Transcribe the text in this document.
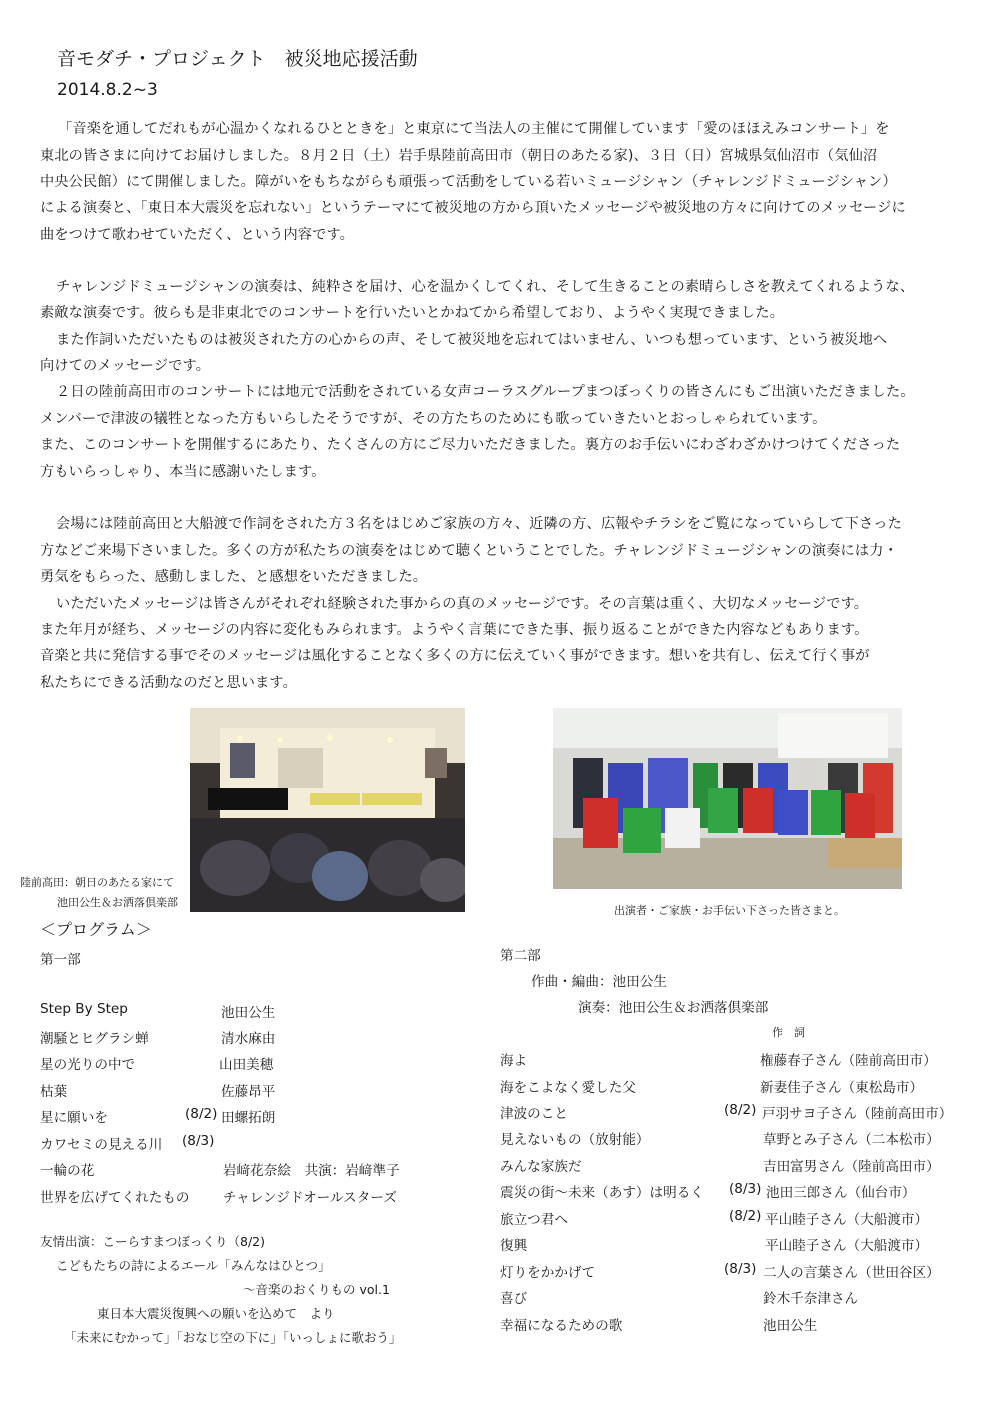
音モダチ・プロジェクト　被災地応援活動
2014.8.2~3
「音楽を通してだれもが心温かくなれるひとときを」と東京にて当法人の主催にて開催しています「愛のほほえみコンサート」を
東北の皆さまに向けてお届けしました。８月２日（土）岩手県陸前高田市（朝日のあたる家)、３日（日）宮城県気仙沼市（気仙沼
中央公民館）にて開催しました。障がいをもちながらも頑張って活動をしている若いミュージシャン（チャレンジドミュージシャン）
による演奏と、「東日本大震災を忘れない」というテーマにて被災地の方から頂いたメッセージや被災地の方々に向けてのメッセージに
曲をつけて歌わせていただく、という内容です。
チャレンジドミュージシャンの演奏は、純粋さを届け、心を温かくしてくれ、そして生きることの素晴らしさを教えてくれるような、
素敵な演奏です。彼らも是非東北でのコンサートを行いたいとかねてから希望しており、ようやく実現できました。
また作詞いただいたものは被災された方の心からの声、そして被災地を忘れてはいません、いつも想っています、という被災地へ
向けてのメッセージです。
２日の陸前高田市のコンサートには地元で活動をされている女声コーラスグループまつぼっくりの皆さんにもご出演いただきました。
メンバーで津波の犠牲となった方もいらしたそうですが、その方たちのためにも歌っていきたいとおっしゃられています。
また、このコンサートを開催するにあたり、たくさんの方にご尽力いただきました。裏方のお手伝いにわざわざかけつけてくださった
方もいらっしゃり、本当に感謝いたします。
会場には陸前高田と大船渡で作詞をされた方３名をはじめご家族の方々、近隣の方、広報やチラシをご覧になっていらして下さった
方などご来場下さいました。多くの方が私たちの演奏をはじめて聴くということでした。チャレンジドミュージシャンの演奏には力・
勇気をもらった、感動しました、と感想をいただきました。
いただいたメッセージは皆さんがそれぞれ経験された事からの真のメッセージです。その言葉は重く、大切なメッセージです。
また年月が経ち、メッセージの内容に変化もみられます。ようやく言葉にできた事、振り返ることができた内容などもあります。
音楽と共に発信する事でそのメッセージは風化することなく多くの方に伝えていく事ができます。想いを共有し、伝えて行く事が
私たちにできる活動なのだと思います。
陸前高田：朝日のあたる家にて
池田公生＆お洒落倶楽部
出演者・ご家族・お手伝い下さった皆さまと。
＜プログラム＞
第一部
Step By Step	池田公生
潮騒とヒグラシ蝉	清水麻由
星の光りの中で	山田美穂
枯葉	佐藤昂平
星に願いを	(8/2) 田螺拓朗
カワセミの見える川 (8/3)
一輪の花	岩﨑花奈絵　共演：岩﨑準子
世界を広げてくれたもの チャレンジドオールスターズ
友情出演：こーらすまつぼっくり（8/2)
こどもたちの詩によるエール「みんなはひとつ」
～音楽のおくりもの vol.1
東日本大震災復興への願いを込めて　より
「未来にむかって」「おなじ空の下に」「いっしょに歌おう」
第二部
作曲・編曲：池田公生
演奏：池田公生＆お洒落倶楽部
作　詞
海よ	権藤春子さん（陸前高田市）
海をこよなく愛した父	新妻佳子さん（東松島市）
津波のこと	(8/2) 戸羽サヨ子さん（陸前高田市）
見えないもの（放射能）	草野とみ子さん（二本松市）
みんな家族だ	吉田富男さん（陸前高田市）
震災の街～未来（あす）は明るく (8/3) 池田三郎さん（仙台市）
旅立つ君へ	(8/2) 平山睦子さん（大船渡市）
復興	平山睦子さん（大船渡市）
灯りをかかげて	(8/3) 二人の言葉さん（世田谷区）
喜び	鈴木千奈津さん
幸福になるための歌	池田公生
